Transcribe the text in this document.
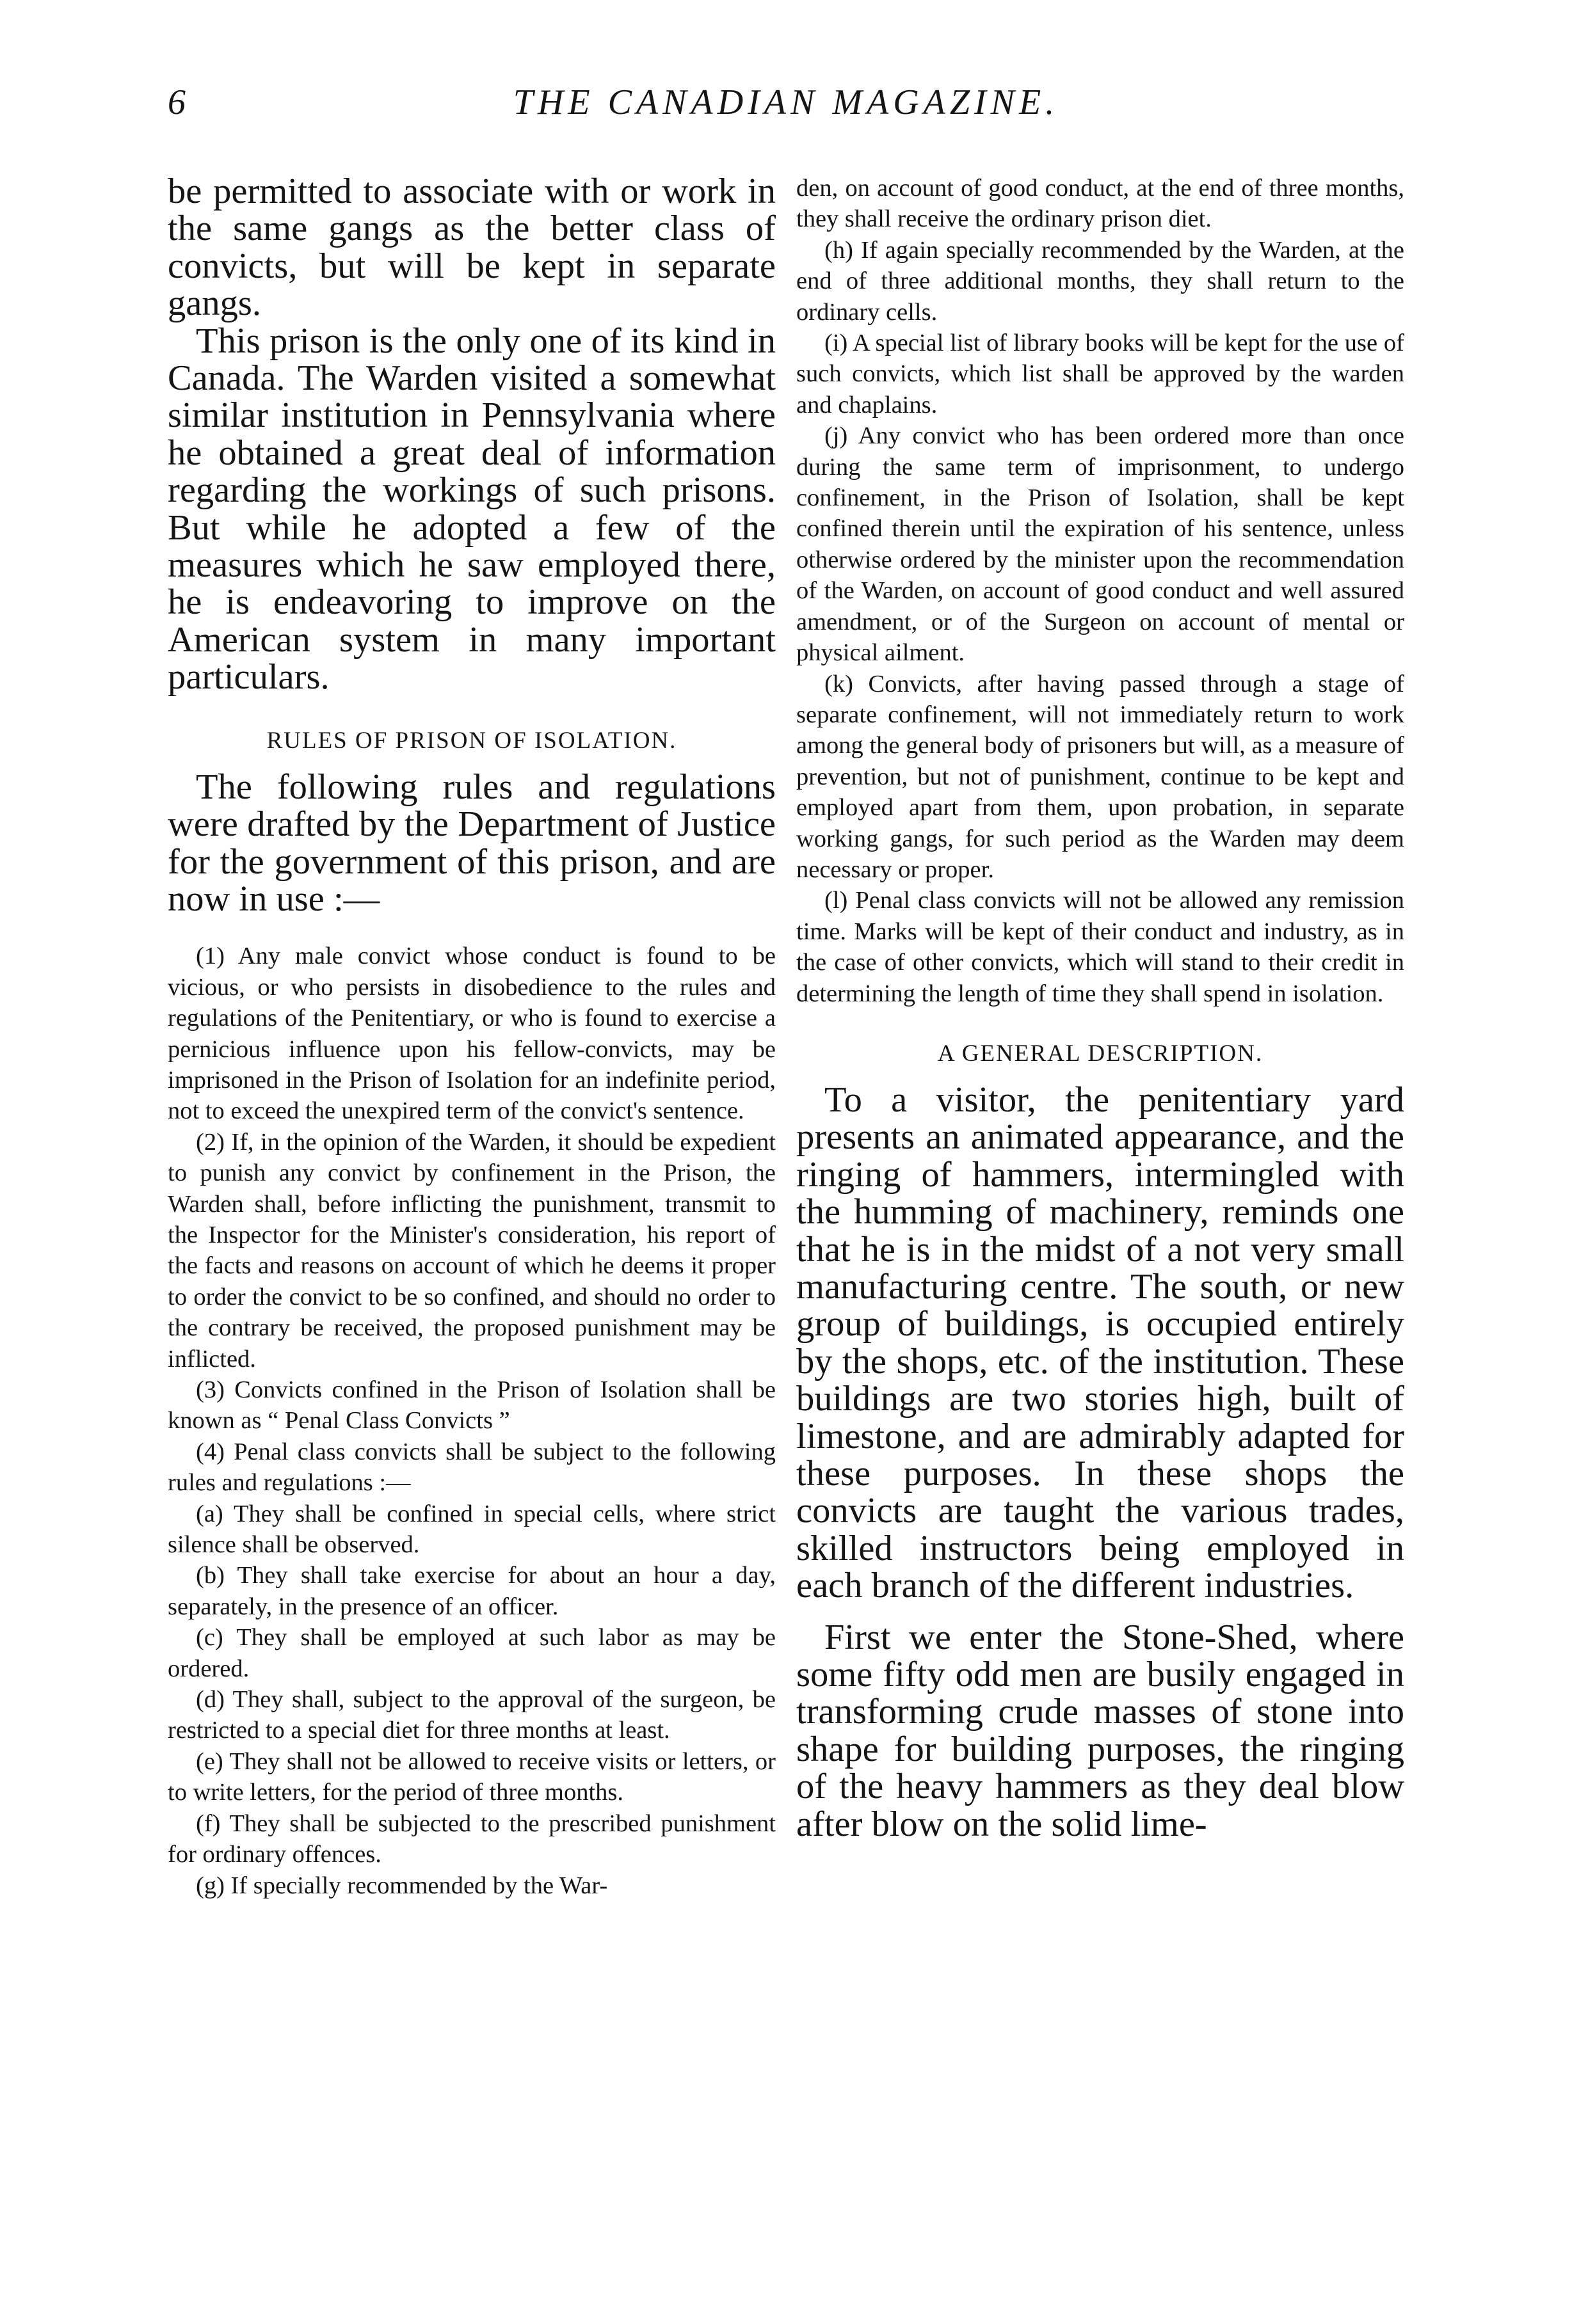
6	THE CANADIAN MAGAZINE.

be permitted to associate with or work in the same gangs as the better class of convicts, but will be kept in separate gangs.

This prison is the only one of its kind in Canada. The Warden visited a somewhat similar institution in Pennsylvania where he obtained a great deal of information regarding the workings of such prisons. But while he adopted a few of the measures which he saw employed there, he is endeavoring to improve on the American system in many important particulars.

RULES OF PRISON OF ISOLATION.

The following rules and regulations were drafted by the Department of Justice for the government of this prison, and are now in use :—

(1) Any male convict whose conduct is found to be vicious, or who persists in disobedience to the rules and regulations of the Penitentiary, or who is found to exercise a pernicious influence upon his fellow-convicts, may be imprisoned in the Prison of Isolation for an indefinite period, not to exceed the unexpired term of the convict's sentence.

(2) If, in the opinion of the Warden, it should be expedient to punish any convict by confinement in the Prison, the Warden shall, before inflicting the punishment, transmit to the Inspector for the Minister's consideration, his report of the facts and reasons on account of which he deems it proper to order the convict to be so confined, and should no order to the contrary be received, the proposed punishment may be inflicted.

(3) Convicts confined in the Prison of Isolation shall be known as “ Penal Class Convicts ”

(4) Penal class convicts shall be subject to the following rules and regulations :—

(a) They shall be confined in special cells, where strict silence shall be observed.

(b) They shall take exercise for about an hour a day, separately, in the presence of an officer.

(c) They shall be employed at such labor as may be ordered.

(d) They shall, subject to the approval of the surgeon, be restricted to a special diet for three months at least.

(e) They shall not be allowed to receive visits or letters, or to write letters, for the period of three months.

(f) They shall be subjected to the prescribed punishment for ordinary offences.

(g) If specially recommended by the War-

den, on account of good conduct, at the end of three months, they shall receive the ordinary prison diet.

(h) If again specially recommended by the Warden, at the end of three additional months, they shall return to the ordinary cells.

(i) A special list of library books will be kept for the use of such convicts, which list shall be approved by the warden and chaplains.

(j) Any convict who has been ordered more than once during the same term of imprisonment, to undergo confinement, in the Prison of Isolation, shall be kept confined therein until the expiration of his sentence, unless otherwise ordered by the minister upon the recommendation of the Warden, on account of good conduct and well assured amendment, or of the Surgeon on account of mental or physical ailment.

(k) Convicts, after having passed through a stage of separate confinement, will not immediately return to work among the general body of prisoners but will, as a measure of prevention, but not of punishment, continue to be kept and employed apart from them, upon probation, in separate working gangs, for such period as the Warden may deem necessary or proper.

(l) Penal class convicts will not be allowed any remission time. Marks will be kept of their conduct and industry, as in the case of other convicts, which will stand to their credit in determining the length of time they shall spend in isolation.

A GENERAL DESCRIPTION.

To a visitor, the penitentiary yard presents an animated appearance, and the ringing of hammers, intermingled with the humming of machinery, reminds one that he is in the midst of a not very small manufacturing centre. The south, or new group of buildings, is occupied entirely by the shops, etc. of the institution. These buildings are two stories high, built of limestone, and are admirably adapted for these purposes. In these shops the convicts are taught the various trades, skilled instructors being employed in each branch of the different industries.

First we enter the Stone-Shed, where some fifty odd men are busily engaged in transforming crude masses of stone into shape for building purposes, the ringing of the heavy hammers as they deal blow after blow on the solid lime-
